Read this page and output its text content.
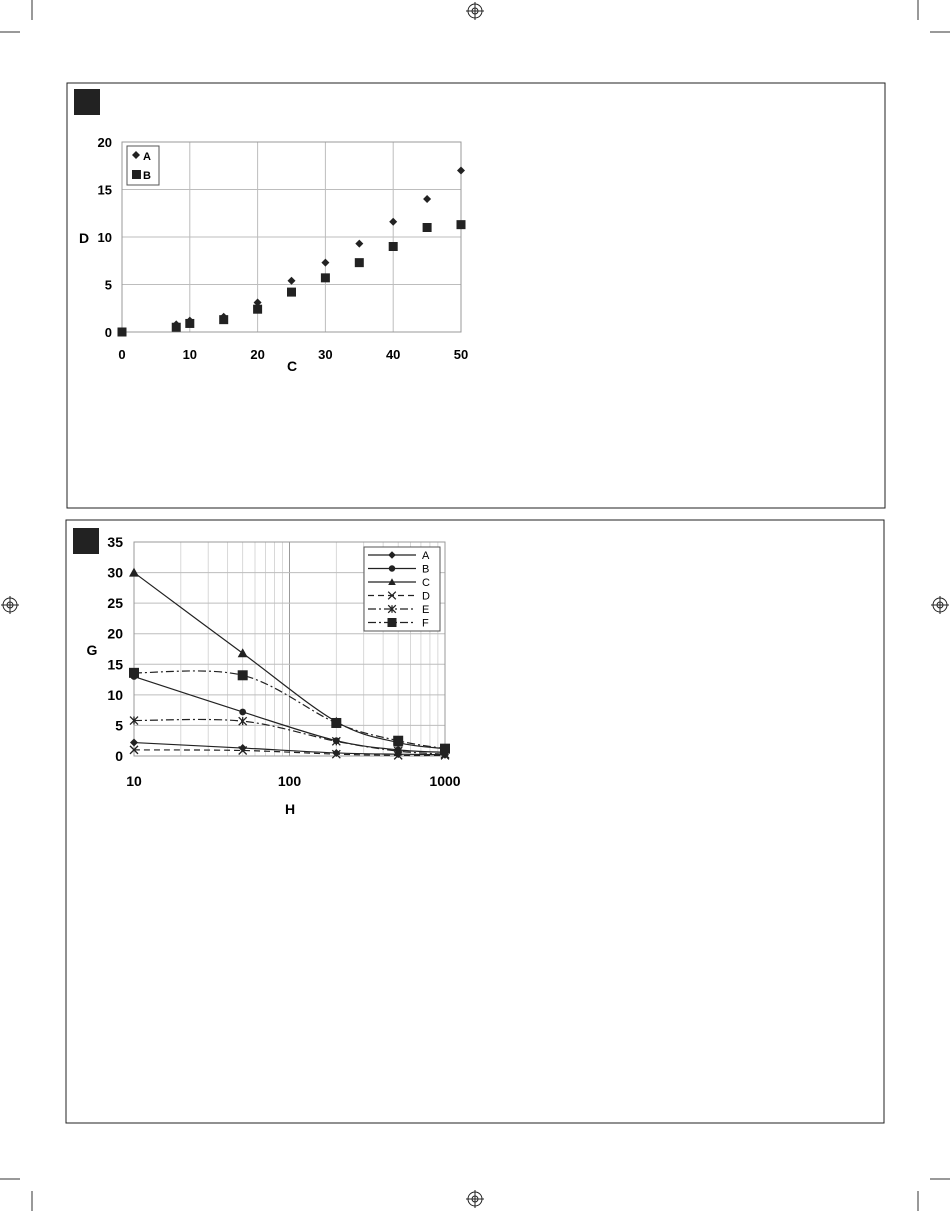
0
5
10
15
20
0	10	20	30	40	50
D
C
A
B
0
5
10
15
20
25
30
35
10	100	1000
G
H
A
B
C
D
E
F
